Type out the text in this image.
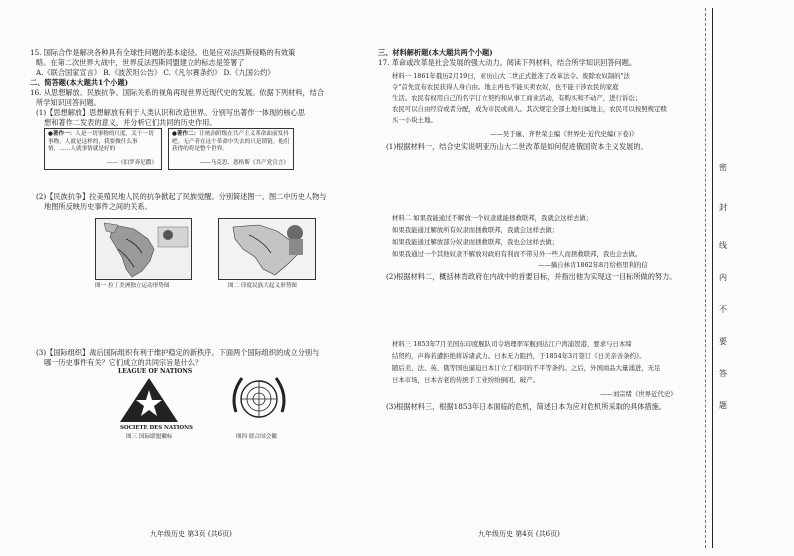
15. 国际合作是解决各种具有全球性问题的基本途径。也是应对法西斯侵略的有效策
略。在第二次世界大战中，世界反法西斯同盟建立的标志是签署了
A.《联合国家宣言》 B.《波茨坦公告》 C.《凡尔赛条约》 D.《九国公约》
二、简答题(本大题共1个小题)
16. 从思想解放、民族抗争、国际关系的视角再现世界近现代史的发展。依据下列材料，结合
所学知识回答问题。
(1)【思想解放】思想解放有利于人类认识和改造世界。分别写出著作一体现的核心思
想和著作二发表的意义，并分析它们共同的历史作用。
●著作一：人是一切事物的尺度，关于一切事物，人就是这样的，我要做什么事情，……人就事情就是好的
——《伯罗奔尼撒》
●著作二：让统治阶级在共产主义革命面前发抖吧。无产者在这个革命中失去的只是锁链。他们获得的将是整个世界。
——马克思、恩格斯《共产党宣言》
(2)【民族抗争】拉美殖民地人民的抗争掀起了民族觉醒。分别简述图一、图二中历史人物与
地图所反映历史事件之间的关系。
图一 拉丁美洲独立运动形势图	图二 印度民族大起义形势图
(3)【国际组织】战后国际组织有利于维护稳定的新秩序。下面两个国际组织的成立分别与
哪一历史事件有关？它们成立的共同宗旨是什么？
LEAGUE OF NATIONS
SOCIETE DES NATIONS
图三 国际联盟徽标	图四 联合国会徽
九年级历史 第3页 (共6页)
三、材料解析题(本大题共两个小题)
17. 革命或改革是社会发展的强大动力。阅读下列材料，结合所学知识回答问题。
材料一 1861年俄历2月19日，亚历山大二世正式批准了改革法令。废除农奴制的"法
令"首先宣布农民获得人身自由。地主再也不能买卖农奴，也不能干涉农民的家庭
生活。农民有权用自己的名字订立契约和从事工商业活动，有购买和不动产，进行诉讼；
农民可以自由经营或者分配，成为市民或商人。其次规定全部土地归属地主，农民可以按照规定赎
买一小块土地。
——吴于廑、齐世荣主编《世界史·近代史编(下卷)》
(1)根据材料一，结合史实说明亚历山大二世改革是如何促进俄国资本主义发展的。
材料二 如果我能通过不解放一个奴隶就能拯救联邦，我就会这样去做；
如果我能通过解放所有奴隶而拯救联邦，我就会这样去做；
如果我能通过解放部分奴隶而拯救联邦，我也会这样去做；
如果我通过一个其他奴隶不解放对政府有利而不带另外一些人而拯救联邦，我也会去做。
——摘自林肯1862年8月给格里利的信
(2)根据材料二，概括林肯政府在内战中的首要目标，并指出他为实现这一目标所做的努力。
材料三 1853年7月美国东印度舰队司令培理率军舰到达江户湾浦贺港，要求与日本缔
结贸约，声称若遭拒绝将诉诸武力。日本无力阻挡，于1854年3月签订《日美亲善条约》。
随后美、法、英、俄等国也逼迫日本订立了相同的不平等条约。之后，外国商品大量涌进，无足
日本市场，日本古老的传统手工业纷纷倒闭、破产。
——刘宗绪《世界近代史》
(3)根据材料三，根据1853年日本面临的危机，简述日本为应对危机所采取的具体措施。
九年级历史 第4页 (共6页)
密
封
线
内
不
要
答
题
